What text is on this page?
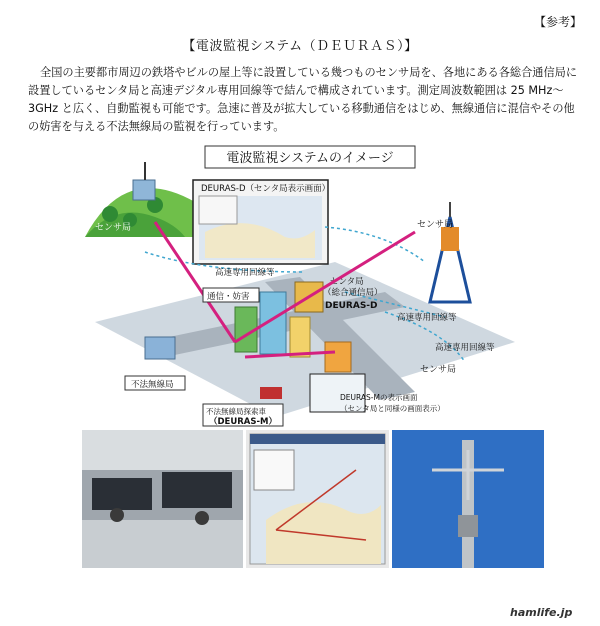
【参考】
【電波監視システム（ＤＥＵＲＡＳ）】
全国の主要都市周辺の鉄塔やビルの屋上等に設置している幾つものセンサ局を、各地にある各総合通信局に設置しているセンタ局と高速デジタル専用回線等で結んで構成されています。測定周波数範囲は 25 MHz〜3GHz と広く、自動監視も可能です。急速に普及が拡大している移動通信をはじめ、無線通信に混信やその他の妨害を与える不法無線局の監視を行っています。
電波監視システムのイメージ
DEURAS-D（センタ局表示画面）
センサ局
センサ局
高速専用回線等
高速専用回線等
高速専用回線等
センタ局
（総合通信局）
DEURAS-D
通信・妨害
不法無線局
不法無線局探索車
（DEURAS-M）
DEURAS-Mの表示画面
（センタ局と同様の画面表示）
センサ局
hamlife.jp
